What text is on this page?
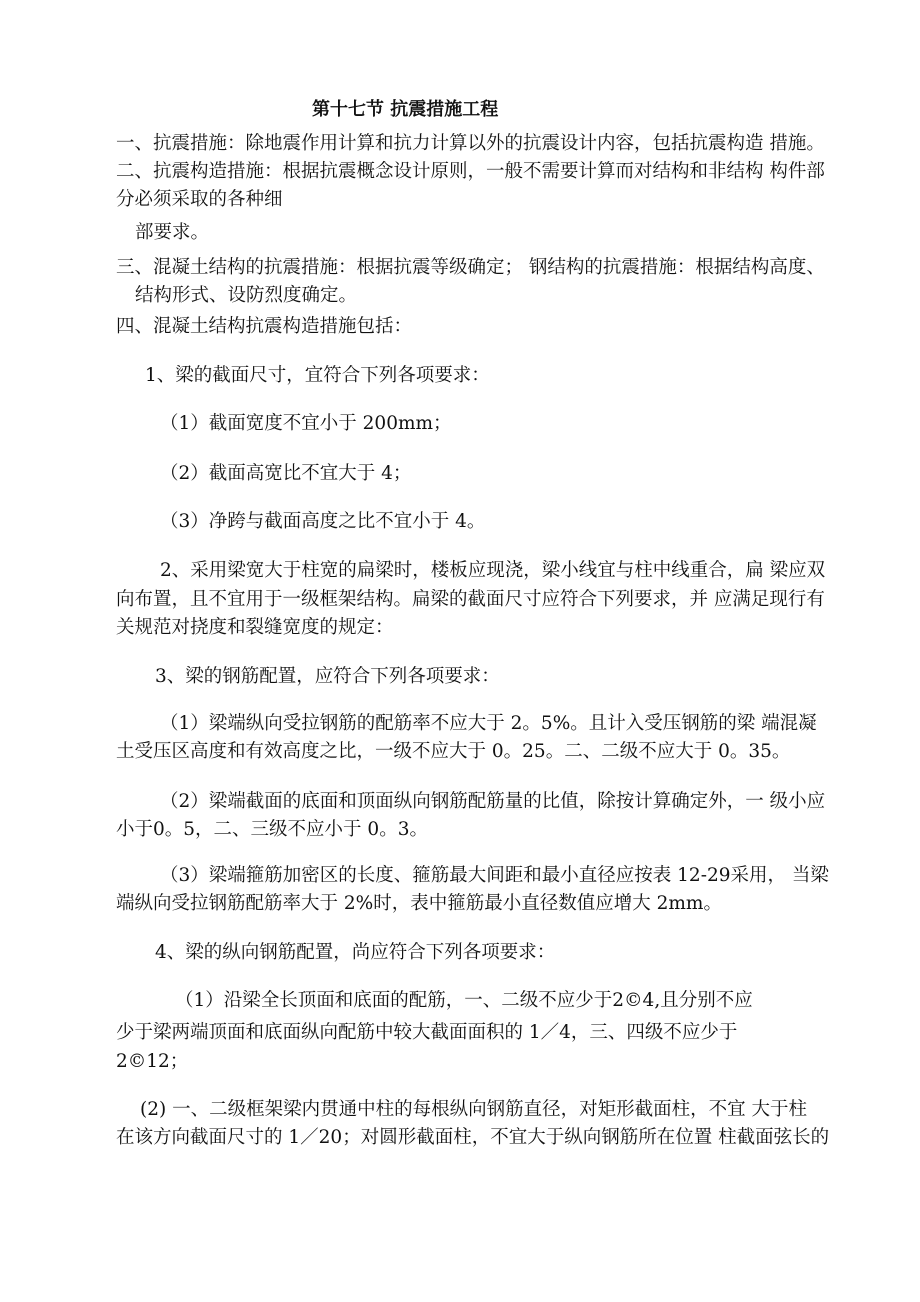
第十七节 抗震措施工程
一、抗震措施：除地震作用计算和抗力计算以外的抗震设计内容，包括抗震构造 措施。
二、抗震构造措施：根据抗震概念设计原则，一般不需要计算而对结构和非结构 构件部
分必须采取的各种细
部要求。
三、混凝土结构的抗震措施：根据抗震等级确定； 钢结构的抗震措施：根据结构高度、
结构形式、设防烈度确定。
四、混凝土结构抗震构造措施包括：
1、梁的截面尺寸，宜符合下列各项要求：
（1）截面宽度不宜小于 200mm；
（2）截面高宽比不宜大于 4；
（3）净跨与截面高度之比不宜小于 4。
2、采用梁宽大于柱宽的扁梁时，楼板应现浇，梁小线宜与柱中线重合，扁 梁应双
向布置，且不宜用于一级框架结构。扁梁的截面尺寸应符合下列要求，并 应满足现行有
关规范对挠度和裂缝宽度的规定：
3、梁的钢筋配置，应符合下列各项要求：
（1）梁端纵向受拉钢筋的配筋率不应大于 2。5%。且计入受压钢筋的梁 端混凝
土受压区高度和有效高度之比，一级不应大于 0。25。二、二级不应大于 0。35。
（2）梁端截面的底面和顶面纵向钢筋配筋量的比值，除按计算确定外，一 级小应
小于0。5，二、三级不应小于 0。3。
（3）梁端箍筋加密区的长度、箍筋最大间距和最小直径应按表 12-29采用， 当梁
端纵向受拉钢筋配筋率大于 2%时，表中箍筋最小直径数值应增大 2mm。
4、梁的纵向钢筋配置，尚应符合下列各项要求：
（1）沿梁全长顶面和底面的配筋，一、二级不应少于2©4,且分别不应
少于梁两端顶面和底面纵向配筋中较大截面面积的 1／4，三、四级不应少于
2©12；
(2) 一、二级框架梁内贯通中柱的每根纵向钢筋直径，对矩形截面柱，不宜 大于柱
在该方向截面尺寸的 1／20；对圆形截面柱，不宜大于纵向钢筋所在位置 柱截面弦长的
